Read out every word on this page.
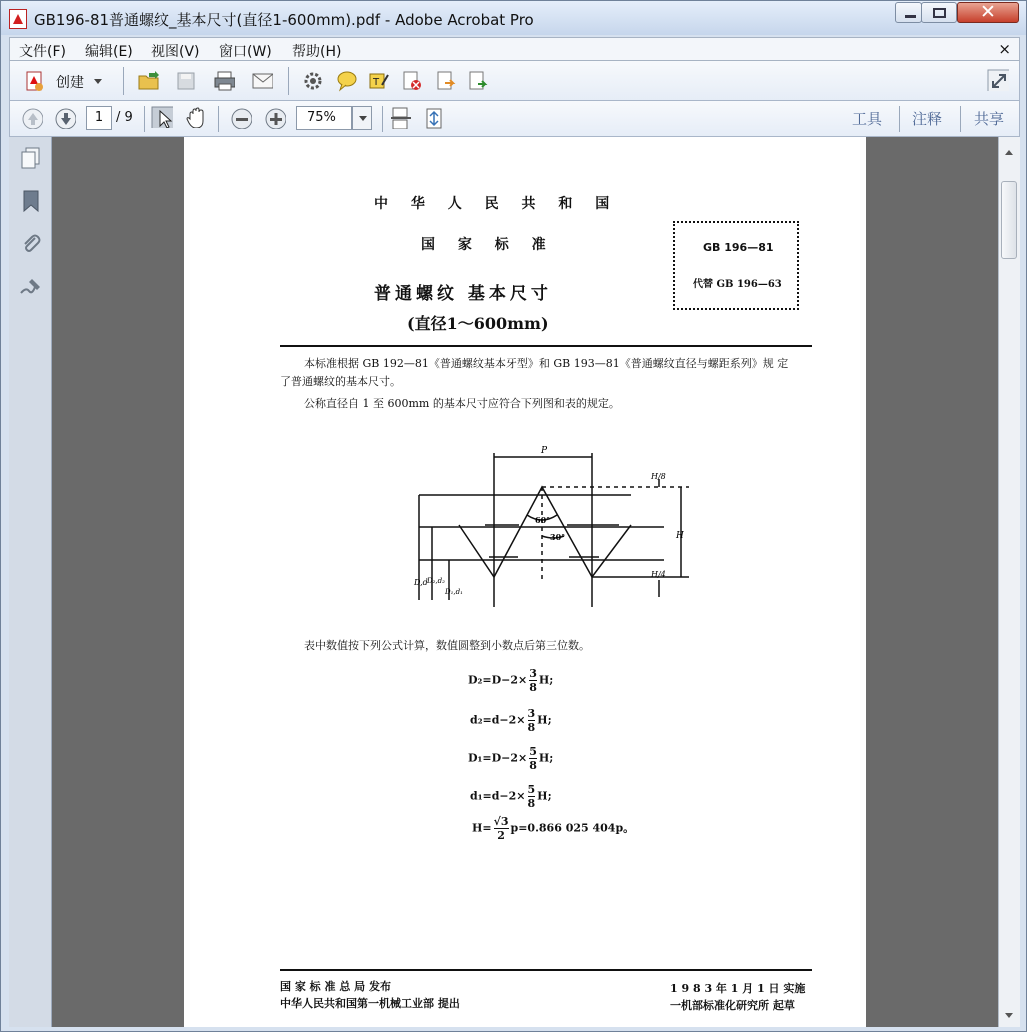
GB196-81普通螺纹_基本尺寸(直径1-600mm).pdf - Adobe Acrobat Pro	✕
文件(F) 编辑(E) 视图(V) 窗口(W) 帮助(H)	×
创建	T
1 / 9	75%	工具 注释 共享
中 华 人 民 共 和 国
国 家 标 准
普通螺纹 基本尺寸
(直径1～600mm)
GB 196—81
代替 GB 196—63
本标准根据 GB 192—81《普通螺纹基本牙型》和 GB 193—81《普通螺纹直径与螺距系列》规 定
了普通螺纹的基本尺寸。
公称直径自 1 至 600mm 的基本尺寸应符合下列图和表的规定。
P
60°
30°	H
H/8
H/4
D,d D₂,d₂
D₁,d₁
表中数值按下列公式计算，数值圆整到小数点后第三位数。
$D_2=D-2\times \frac{3}{8} H$;
$d_2=d-2\times \frac{3}{8} H$;
$D_1=D-2\times \frac{5}{8} H$;
$d_1=d-2\times \frac{5}{8} H$;
$H= \frac{√3}{2} p=0.866$ 025 404p。
国 家 标 准 总 局 发布
中华人民共和国第一机械工业部 提出
1 9 8 3 年 1 月 1 日 实施
一机部标准化研究所 起草
